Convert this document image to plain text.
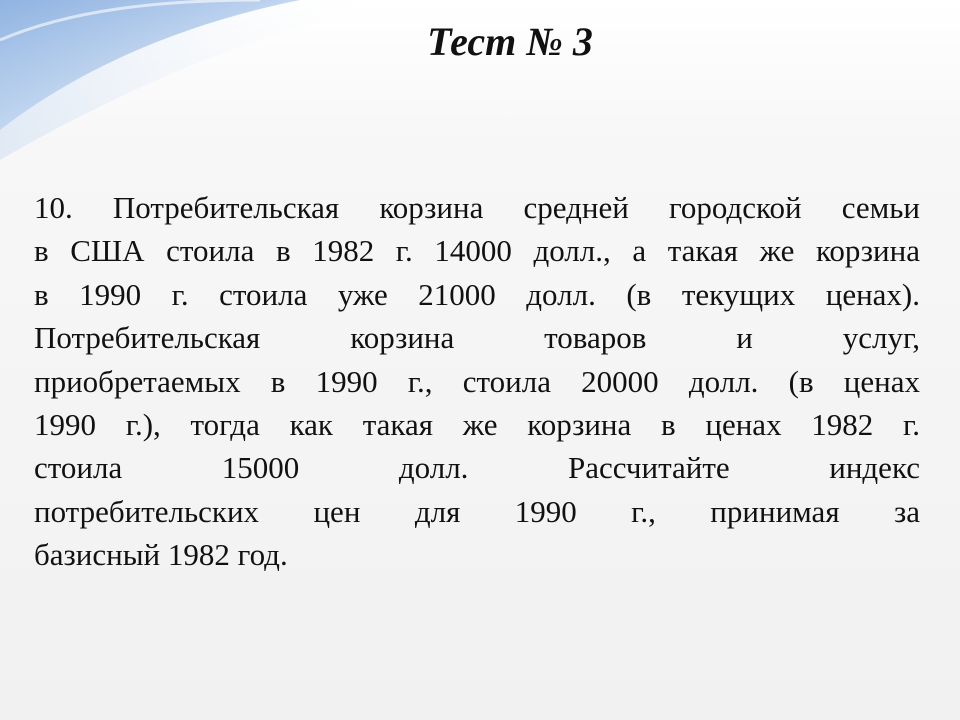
Тест № 3
10. Потребительская корзина средней городской семьи
в США стоила в 1982 г. 14000 долл., а такая же корзина
в 1990 г. стоила уже 21000 долл. (в текущих ценах).
Потребительская корзина товаров и услуг,
приобретаемых в 1990 г., стоила 20000 долл. (в ценах
1990 г.), тогда как такая же корзина в ценах 1982 г.
стоила 15000 долл. Рассчитайте индекс
потребительских цен для 1990 г., принимая за
базисный 1982 год.
